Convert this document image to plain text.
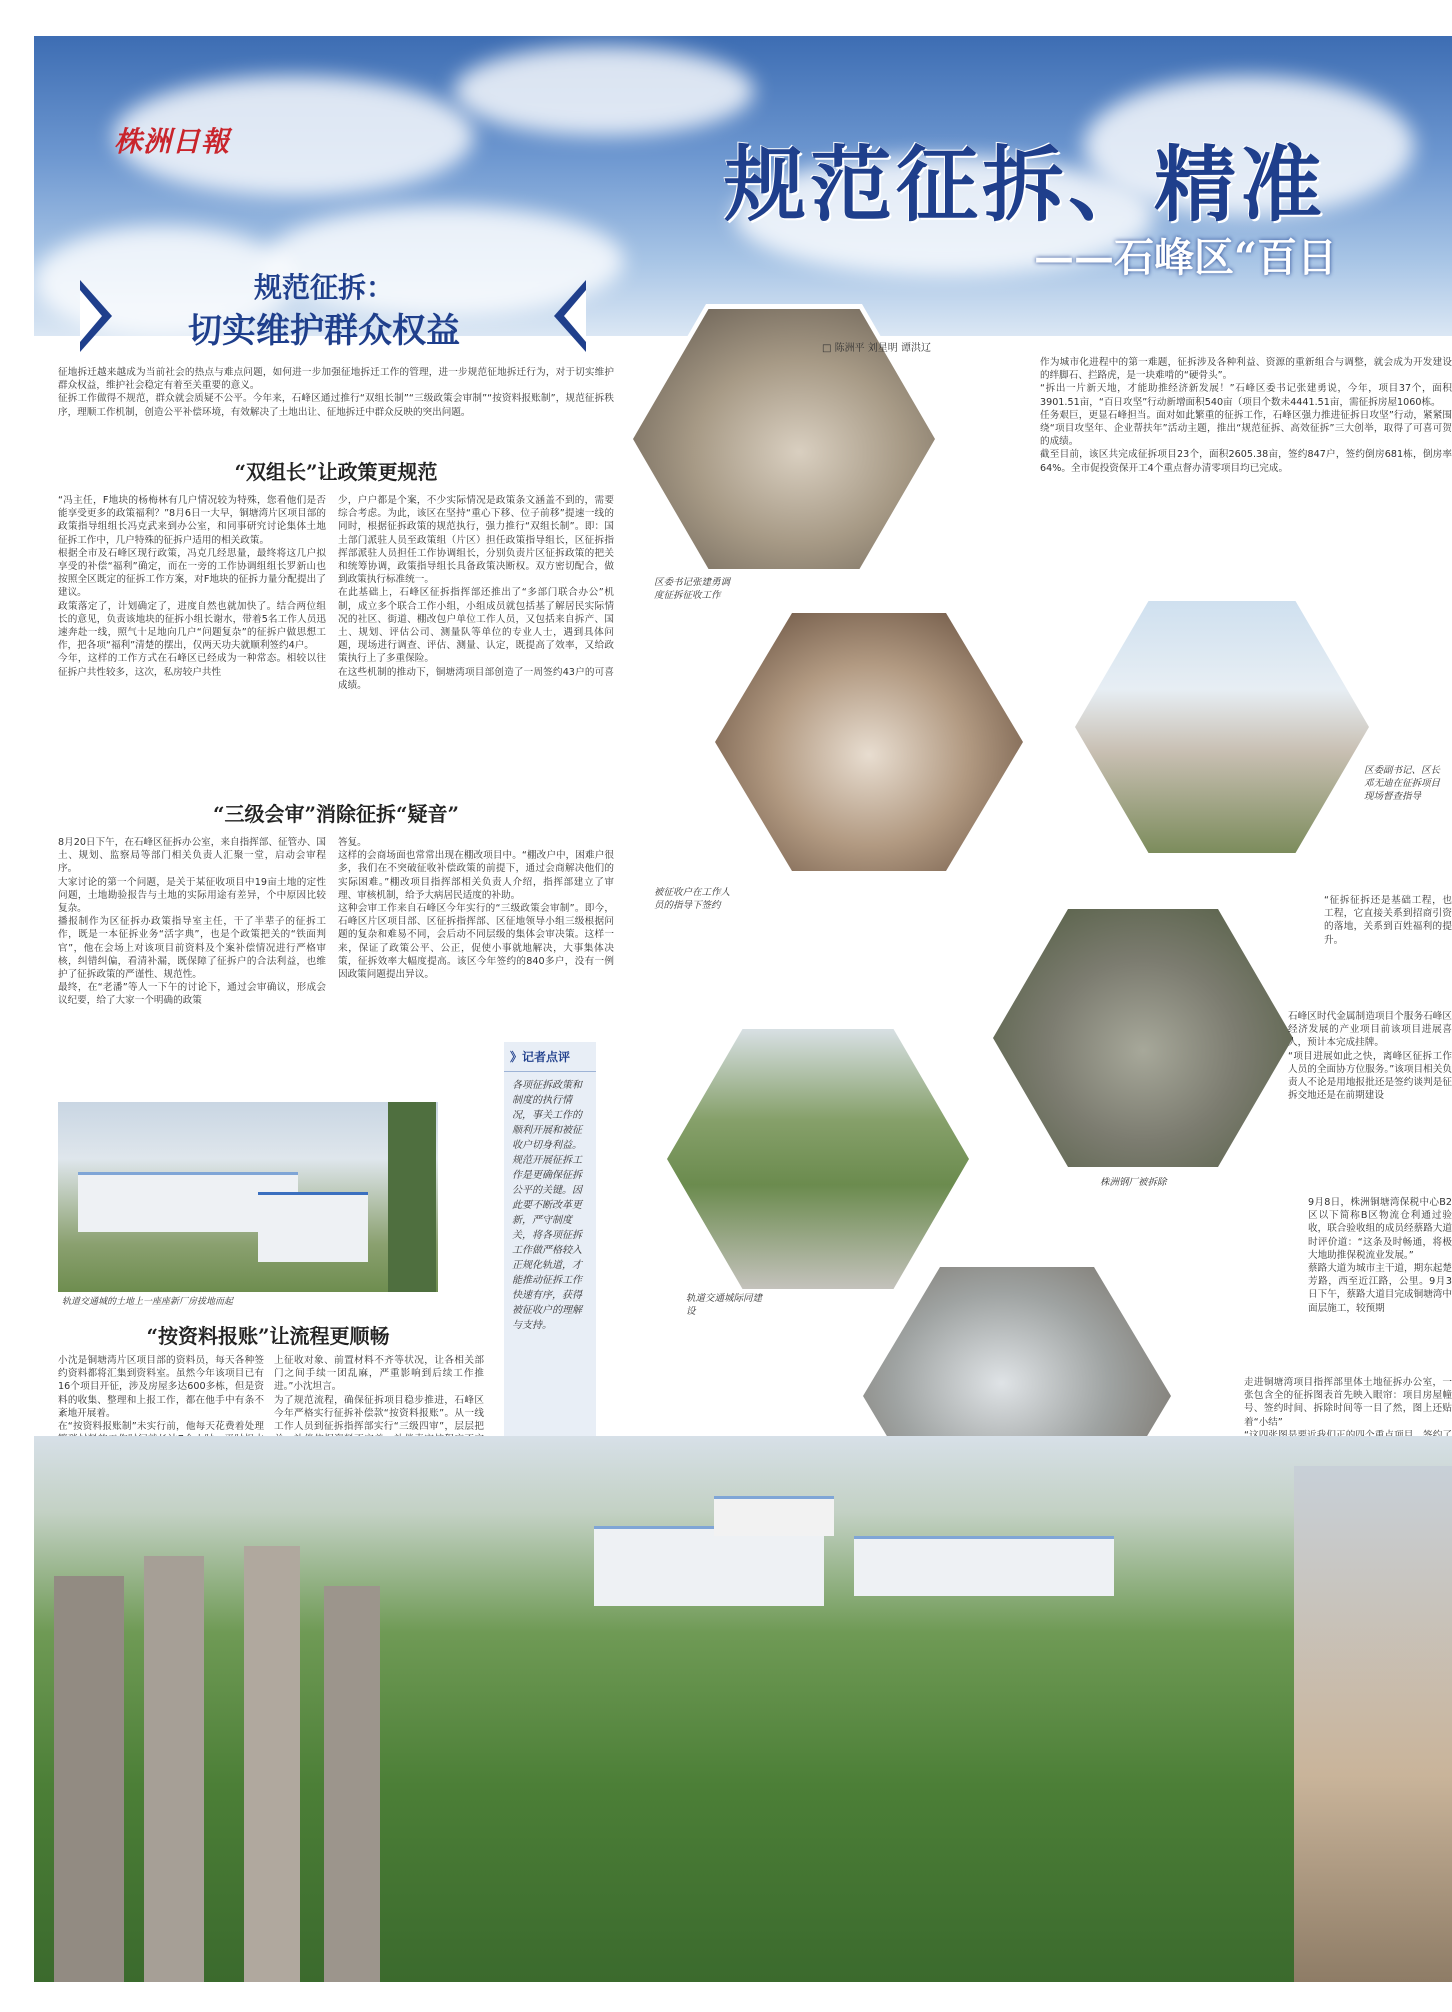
株洲日報	规范征拆、精准
——石峰区“百日
规范征拆：
切实维护群众权益
征地拆迁越来越成为当前社会的热点与难点问题，如何进一步加强征地拆迁工作的管理，进一步规范征地拆迁行为，对于切实维护群众权益，维护社会稳定有着至关重要的意义。
征拆工作做得不规范，群众就会质疑不公平。今年来，石峰区通过推行“双组长制”“三级政策会审制”“按资料报账制”，规范征拆秩序，理顺工作机制，创造公平补偿环境，有效解决了土地出让、征地拆迁中群众反映的突出问题。
“双组长”让政策更规范
“冯主任，F地块的杨梅林有几户情况较为特殊，您看他们是否能享受更多的政策福利？”8月6日一大早，铜塘湾片区项目部的政策指导组组长冯克武来到办公室，和同事研究讨论集体土地征拆工作中，几户特殊的征拆户适用的相关政策。
根据全市及石峰区现行政策，冯克几经思量，最终将这几户拟享受的补偿“福利”确定，而在一旁的工作协调组组长罗新山也按照全区既定的征拆工作方案，对F地块的征拆力量分配提出了建议。
政策落定了，计划确定了，进度自然也就加快了。结合两位组长的意见，负责该地块的征拆小组长谢水，带着5名工作人员迅速奔赴一线，照气十足地向几户“问题复杂”的征拆户做思想工作，把各项“福利”清楚的摆出，仅两天功夫就顺利签约4户。
今年，这样的工作方式在石峰区已经成为一种常态。相较以往征拆户共性较多，这次，私房较户共性
少，户户都是个案，不少实际情况是政策条文涵盖不到的，需要综合考虑。为此，该区在坚持“重心下移、位子前移”提速一线的同时，根据征拆政策的规范执行，强力推行“双组长制”。即：国土部门派驻人员至政策组（片区）担任政策指导组长，区征拆指挥部派驻人员担任工作协调组长，分别负责片区征拆政策的把关和统筹协调，政策指导组长具备政策决断权。双方密切配合，做到政策执行标准统一。
在此基础上，石峰区征拆指挥部还推出了“多部门联合办公”机制，成立多个联合工作小组，小组成员就包括基了解居民实际情况的社区、街道、棚改包户单位工作人员，又包括来自拆产、国土、规划、评估公司、测量队等单位的专业人士，遇到具体问题，现场进行调查、评估、测量、认定，既提高了效率，又给政策执行上了多重保险。
在这些机制的推动下，铜塘湾项目部创造了一周签约43户的可喜成绩。
“三级会审”消除征拆“疑音”
8月20日下午，在石峰区征拆办公室，来自指挥部、征管办、国土、规划、监察局等部门相关负责人汇聚一堂，启动会审程序。
大家讨论的第一个问题，是关于某征收项目中19亩土地的定性问题，土地勘验报告与土地的实际用途有差异，个中原因比较复杂。
播报制作为区征拆办政策指导室主任，干了半辈子的征拆工作，既是一本征拆业务“活字典”，也是个政策把关的“铁面判官”，他在会场上对该项目前资料及个案补偿情况进行严格审核，纠错纠偏，看清补漏，既保障了征拆户的合法利益，也维护了征拆政策的严谨性、规范性。
最终，在“老潘”等人一下午的讨论下，通过会审确议，形成会议纪要，给了大家一个明确的政策
答复。
这样的会商场面也常常出现在棚改项目中。“棚改户中，困难户很多，我们在不突破征收补偿政策的前提下，通过会商解决他们的实际困难。”棚改项目指挥部相关负责人介绍，指挥部建立了审理、审核机制，给予大病居民适度的补助。
这种会审工作来自石峰区今年实行的“三级政策会审制”。即今，石峰区片区项目部、区征拆指挥部、区征地领导小组三级根据问题的复杂和难易不同，会后动不同层级的集体会审决策。这样一来，保证了政策公平、公正，促使小事就地解决，大事集体决策，征拆效率大幅度提高。该区今年签约的840多户，没有一例因政策问题提出异议。
轨道交通城的土地上一座座新厂房拔地而起
“按资料报账”让流程更顺畅
小沈是铜塘湾片区项目部的资料员，每天各种签约资料都将汇集到资料室。虽然今年该项目已有16个项目开征，涉及房屋多达600多栋，但是资料的收集、整理和上报工作，都在他手中有条不紊地开展着。
在“按资料报账制”未实行前，他每天花费着处理
上征收对象、前置材料不齐等状况，让各相关部门之间手续一团乱麻，严重影响到后续工作推进。”小沈坦言。
为了规范流程，确保征拆项目稳步推进，石峰区今年严格实行征拆补偿款“按资料报账”。从一线工作人员到征拆指挥部实行“三级四审”，层层把

》记者点评
各项征拆政策和制度的执行情况，事关工作的顺利开展和被征收户切身利益。规范开展征拆工作是更确保征拆公平的关键。因此要不断改革更新，严守制度关，将各项征拆工作做严格较入正规化轨道，才能推动征拆工作快速有序，获得被征收户的理解与支持。
区委书记张建勇调度征拆征收工作
被征收户在工作人员的指导下签约
区委副书记、区长邓无迪在征拆项目现场督查指导
株洲钢厂被拆除
轨道交通城际同建设
□ 陈洲平 刘星明 谭洪辽
作为城市化进程中的第一难题，征拆涉及各种利益、资源的重新组合与调整，就会成为开发建设的绊脚石、拦路虎，是一块难啃的“硬骨头”。
“拆出一片新天地，才能助推经济新发展！”石峰区委书记张建勇说，今年，项目37个，面积3901.51亩，“百日攻坚”行动新增面积540亩（项目个数未4441.51亩，需征拆房屋1060栋。
任务艰巨，更显石峰担当。面对如此繁重的征拆工作，石峰区强力推进征拆日攻坚”行动，紧紧围绕“项目攻坚年、企业帮扶年”活动主题，推出“规范征拆、高效征拆”三大创举，取得了可喜可贺的成绩。
截至目前，该区共完成征拆项目23个，面积2605.38亩，签约847户，签约倒房681栋，倒房率64%。全市促投资保开工4个重点督办清零项目均已完成。
“征拆征拆还是基础工程，也工程，它直接关系到招商引资的落地，关系到百姓福利的提升。
石峰区时代金属制造项目个服务石峰区经济发展的产业项目前该项目进展喜人，预计本完成挂牌。
“项目进展如此之快，离峰区征拆工作人员的全面协方位服务。”该项目相关负责人不论是用地报批还是签约谈判是征拆交地还是在前期建设
9月8日，株洲铜塘湾保税中心B2区以下简称B区物流仓利通过验收，联合验收组的成员经蔡路大道时评价道：“这条及时畅通，将极大地助推保税流业发展。”
蔡路大道为城市主干道，期东起楚芳路，西至近江路，公里。9月3日下午，蔡路大道目完成铜塘湾中面层施工，较预期
走进铜塘湾项目指挥部里体土地征拆办公室，一张包含全的征拆图表首先映入眼帘：项目房屋幢号、签约时间、拆除时间等一目了然，图上还贴着“小结”
